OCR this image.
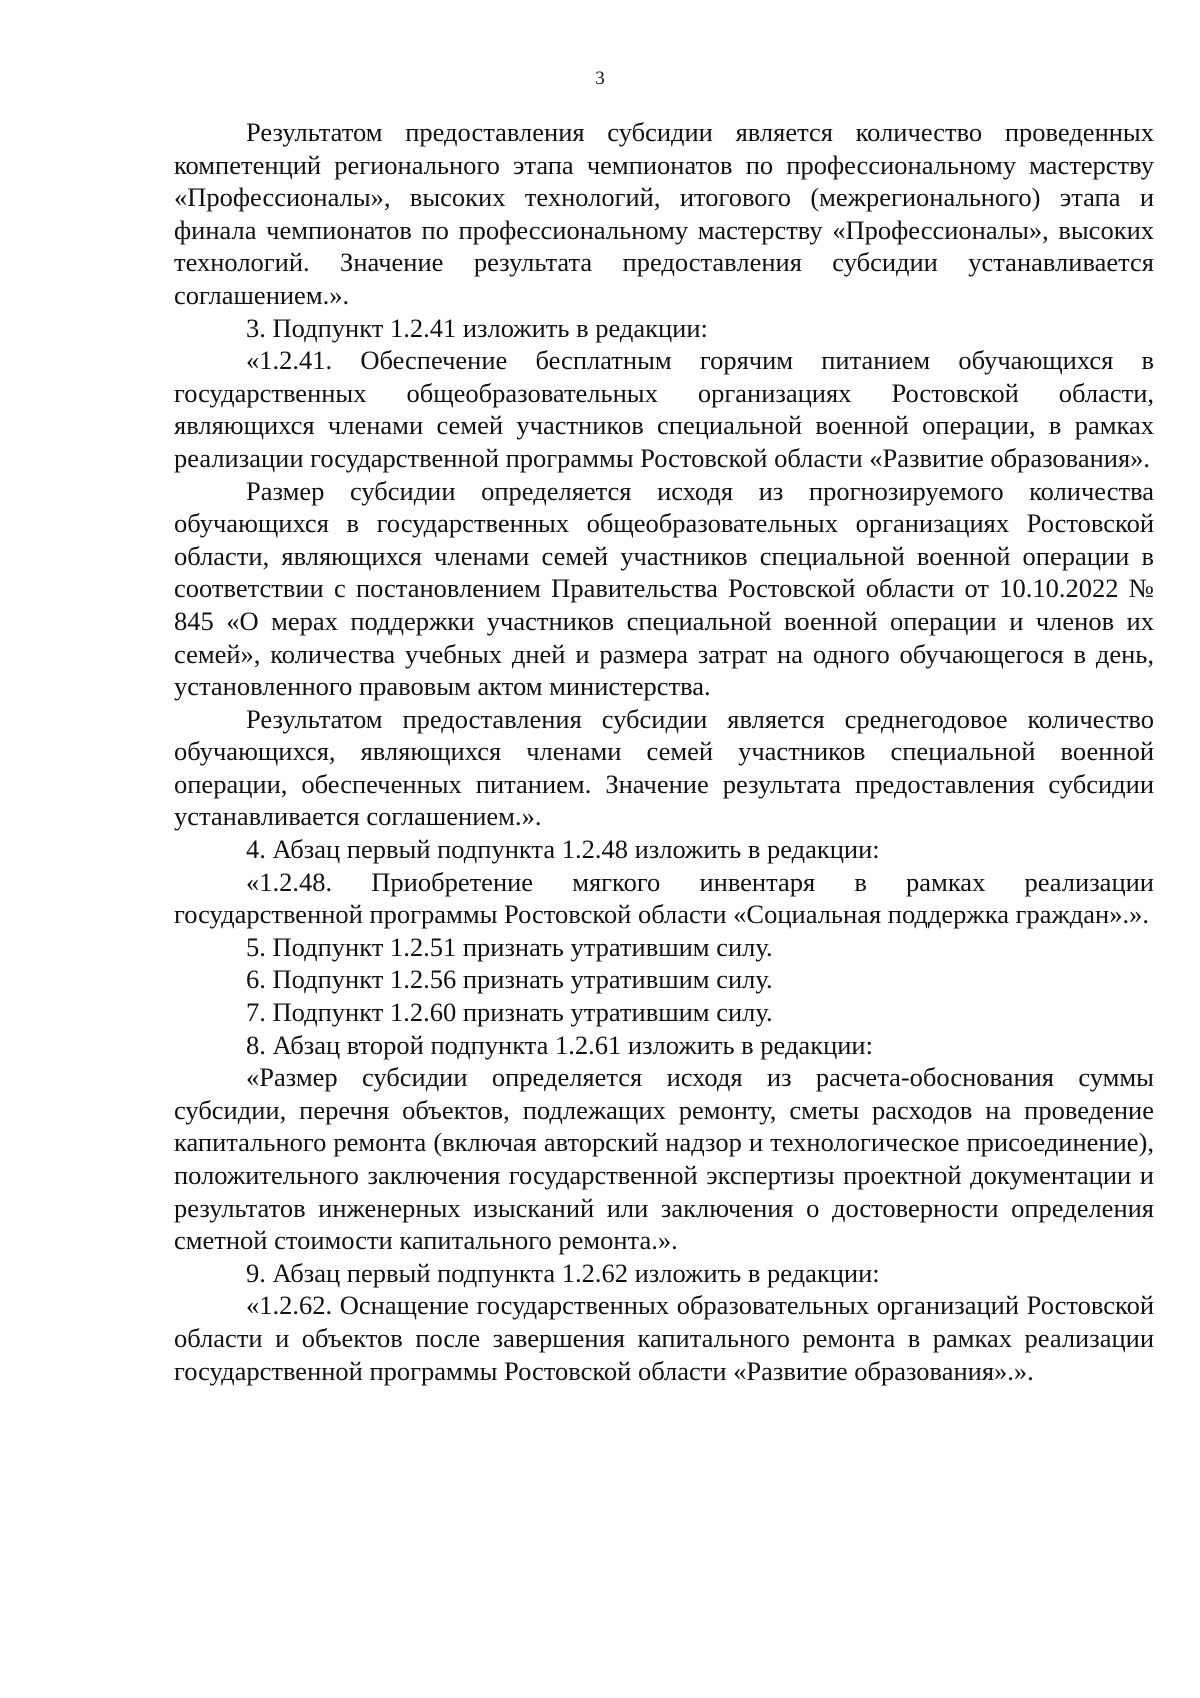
3

Результатом предоставления субсидии является количество проведенных компетенций регионального этапа чемпионатов по профессиональному мастерству «Профессионалы», высоких технологий, итогового (межрегионального) этапа и финала чемпионатов по профессиональному мастерству «Профессионалы», высоких технологий. Значение результата предоставления субсидии устанавливается соглашением.».

3. Подпункт 1.2.41 изложить в редакции:

«1.2.41. Обеспечение бесплатным горячим питанием обучающихся в государственных общеобразовательных организациях Ростовской области, являющихся членами семей участников специальной военной операции, в рамках реализации государственной программы Ростовской области «Развитие образования».

Размер субсидии определяется исходя из прогнозируемого количества обучающихся в государственных общеобразовательных организациях Ростовской области, являющихся членами семей участников специальной военной операции в соответствии с постановлением Правительства Ростовской области от 10.10.2022 № 845 «О мерах поддержки участников специальной военной операции и членов их семей», количества учебных дней и размера затрат на одного обучающегося в день, установленного правовым актом министерства.

Результатом предоставления субсидии является среднегодовое количество обучающихся, являющихся членами семей участников специальной военной операции, обеспеченных питанием. Значение результата предоставления субсидии устанавливается соглашением.».

4. Абзац первый подпункта 1.2.48 изложить в редакции:

«1.2.48. Приобретение мягкого инвентаря в рамках реализации государственной программы Ростовской области «Социальная поддержка граждан».».

5. Подпункт 1.2.51 признать утратившим силу.

6. Подпункт 1.2.56 признать утратившим силу.

7. Подпункт 1.2.60 признать утратившим силу.

8. Абзац второй подпункта 1.2.61 изложить в редакции:

«Размер субсидии определяется исходя из расчета-обоснования суммы субсидии, перечня объектов, подлежащих ремонту, сметы расходов на проведение капитального ремонта (включая авторский надзор и технологическое присоединение), положительного заключения государственной экспертизы проектной документации и результатов инженерных изысканий или заключения о достоверности определения сметной стоимости капитального ремонта.».

9. Абзац первый подпункта 1.2.62 изложить в редакции:

«1.2.62. Оснащение государственных образовательных организаций Ростовской области и объектов после завершения капитального ремонта в рамках реализации государственной программы Ростовской области «Развитие образования».».
